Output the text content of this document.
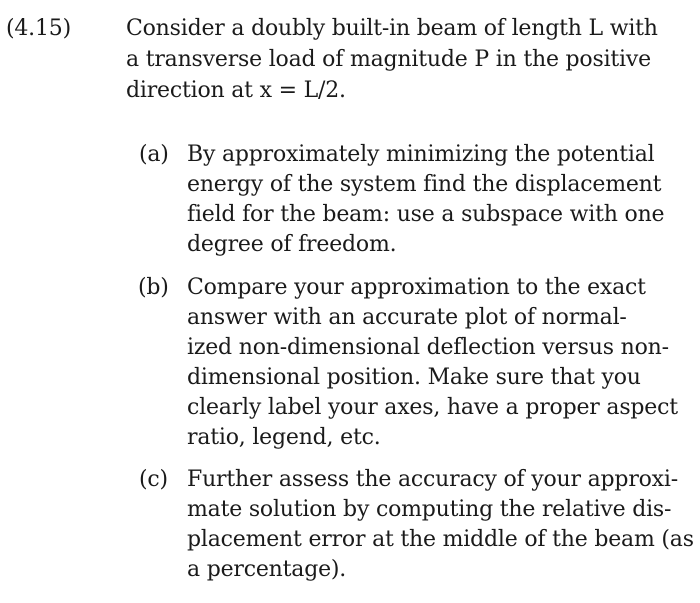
(4.15)	Consider a doubly built-in beam of length L with
a transverse load of magnitude P in the positive
direction at x = L/2.
(a) By approximately minimizing the potential
energy of the system find the displacement
field for the beam: use a subspace with one
degree of freedom.
(b) Compare your approximation to the exact
answer with an accurate plot of normal-
ized non-dimensional deflection versus non-
dimensional position. Make sure that you
clearly label your axes, have a proper aspect
ratio, legend, etc.
(c) Further assess the accuracy of your approxi-
mate solution by computing the relative dis-
placement error at the middle of the beam (as
a percentage).
